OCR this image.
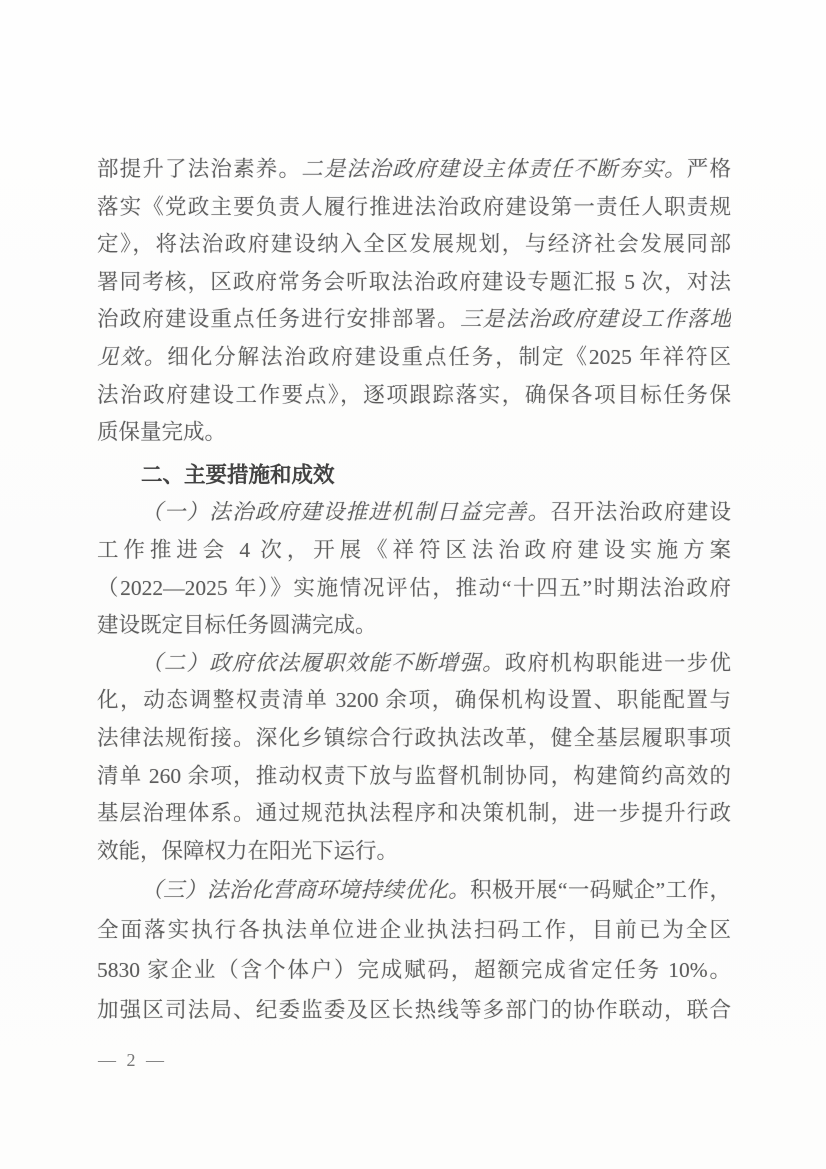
部提升了法治素养。二是法治政府建设主体责任不断夯实。严格
落实《党政主要负责人履行推进法治政府建设第一责任人职责规
定》，将法治政府建设纳入全区发展规划，与经济社会发展同部
署同考核，区政府常务会听取法治政府建设专题汇报 5 次，对法
治政府建设重点任务进行安排部署。三是法治政府建设工作落地
见效。细化分解法治政府建设重点任务，制定《2025 年祥符区
法治政府建设工作要点》，逐项跟踪落实，确保各项目标任务保
质保量完成。
二、主要措施和成效
（一）法治政府建设推进机制日益完善。召开法治政府建设
工作推进会 4 次，开展《祥符区法治政府建设实施方案
（2022—2025 年）》实施情况评估，推动“十四五”时期法治政府
建设既定目标任务圆满完成。
（二）政府依法履职效能不断增强。政府机构职能进一步优
化，动态调整权责清单 3200 余项，确保机构设置、职能配置与
法律法规衔接。深化乡镇综合行政执法改革，健全基层履职事项
清单 260 余项，推动权责下放与监督机制协同，构建简约高效的
基层治理体系。通过规范执法程序和决策机制，进一步提升行政
效能，保障权力在阳光下运行。
（三）法治化营商环境持续优化。积极开展“一码赋企”工作，
全面落实执行各执法单位进企业执法扫码工作，目前已为全区
5830 家企业（含个体户）完成赋码，超额完成省定任务 10%。
加强区司法局、纪委监委及区长热线等多部门的协作联动，联合
— 2 —
